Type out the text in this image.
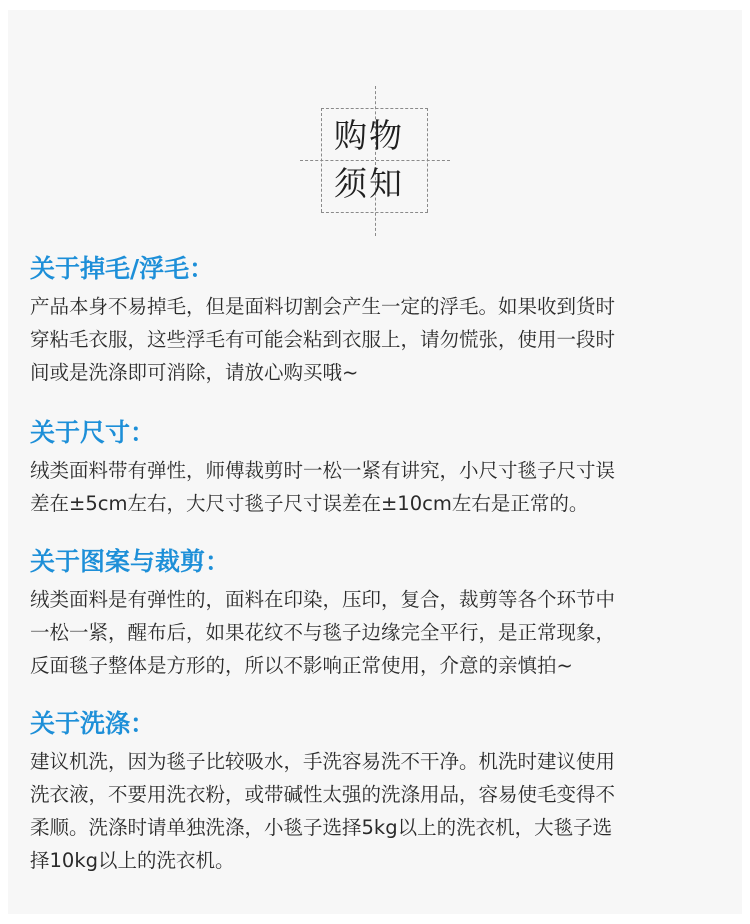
购物
须知
关于掉毛/浮毛：
产品本身不易掉毛，但是面料切割会产生一定的浮毛。如果收到货时
穿粘毛衣服，这些浮毛有可能会粘到衣服上，请勿慌张，使用一段时
间或是洗涤即可消除，请放心购买哦~
关于尺寸：
绒类面料带有弹性，师傅裁剪时一松一紧有讲究，小尺寸毯子尺寸误
差在±5cm左右，大尺寸毯子尺寸误差在±10cm左右是正常的。
关于图案与裁剪：
绒类面料是有弹性的，面料在印染，压印，复合，裁剪等各个环节中
一松一紧，醒布后，如果花纹不与毯子边缘完全平行，是正常现象，
反面毯子整体是方形的，所以不影响正常使用，介意的亲慎拍~
关于洗涤：
建议机洗，因为毯子比较吸水，手洗容易洗不干净。机洗时建议使用
洗衣液，不要用洗衣粉，或带碱性太强的洗涤用品，容易使毛变得不
柔顺。洗涤时请单独洗涤，小毯子选择5kg以上的洗衣机，大毯子选
择10kg以上的洗衣机。
